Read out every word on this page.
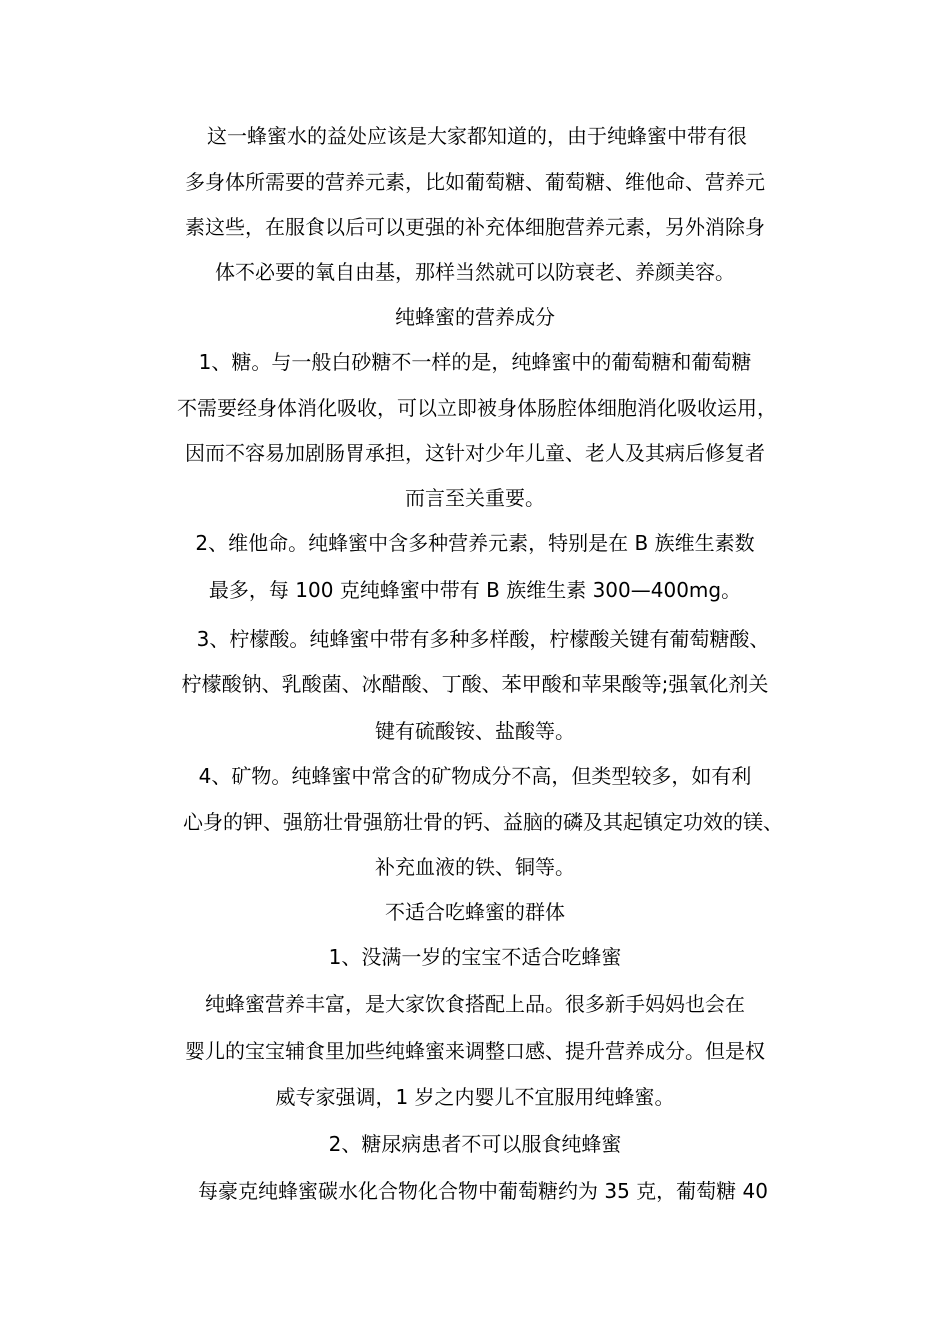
这一蜂蜜水的益处应该是大家都知道的，由于纯蜂蜜中带有很
多身体所需要的营养元素，比如葡萄糖、葡萄糖、维他命、营养元
素这些，在服食以后可以更强的补充体细胞营养元素，另外消除身
体不必要的氧自由基，那样当然就可以防衰老、养颜美容。
纯蜂蜜的营养成分
1、糖。与一般白砂糖不一样的是，纯蜂蜜中的葡萄糖和葡萄糖
不需要经身体消化吸收，可以立即被身体肠腔体细胞消化吸收运用，
因而不容易加剧肠胃承担，这针对少年儿童、老人及其病后修复者
而言至关重要。
2、维他命。纯蜂蜜中含多种营养元素，特别是在 B 族维生素数
最多，每 100 克纯蜂蜜中带有 B 族维生素 300—400mg。
3、柠檬酸。纯蜂蜜中带有多种多样酸，柠檬酸关键有葡萄糖酸、
柠檬酸钠、乳酸菌、冰醋酸、丁酸、苯甲酸和苹果酸等;强氧化剂关
键有硫酸铵、盐酸等。
4、矿物。纯蜂蜜中常含的矿物成分不高，但类型较多，如有利
心身的钾、强筋壮骨强筋壮骨的钙、益脑的磷及其起镇定功效的镁、
补充血液的铁、铜等。
不适合吃蜂蜜的群体
1、没满一岁的宝宝不适合吃蜂蜜
纯蜂蜜营养丰富，是大家饮食搭配上品。很多新手妈妈也会在
婴儿的宝宝辅食里加些纯蜂蜜来调整口感、提升营养成分。但是权
威专家强调，1 岁之内婴儿不宜服用纯蜂蜜。
2、糖尿病患者不可以服食纯蜂蜜
每豪克纯蜂蜜碳水化合物化合物中葡萄糖约为 35 克，葡萄糖 40
